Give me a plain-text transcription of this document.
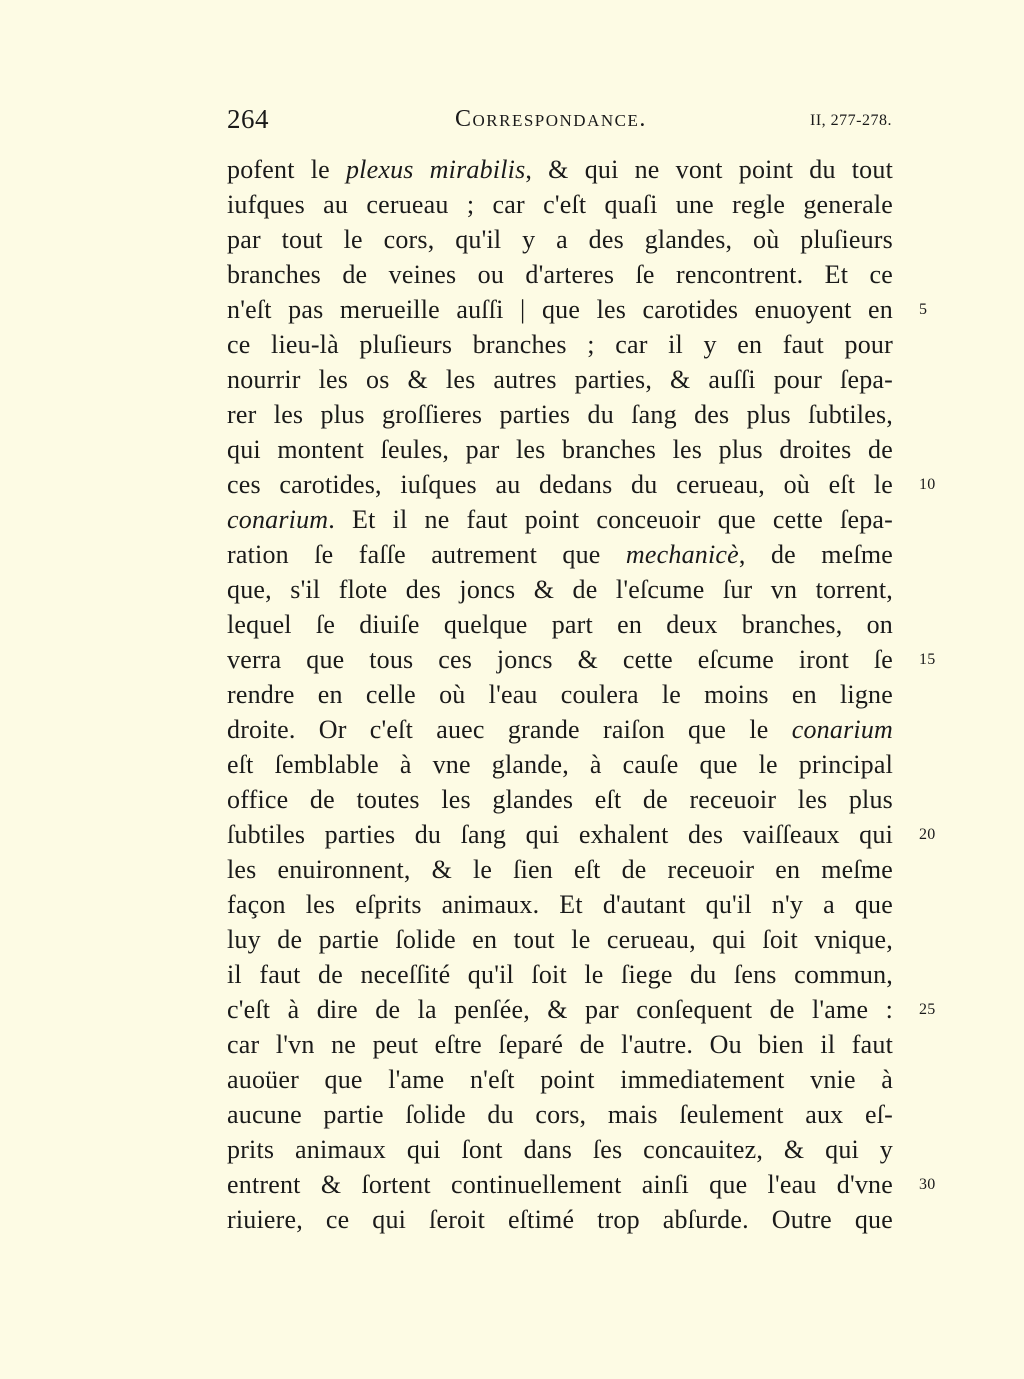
264	Correspondance.	II, 277-278.
pofent le plexus mirabilis, & qui ne vont point du tout
iufques au cerueau ; car c'eſt quaſi une regle generale
par tout le cors, qu'il y a des glandes, où pluſieurs
branches de veines ou d'arteres ſe rencontrent. Et ce
n'eſt pas merueille auſſi | que les carotides enuoyent en 5
ce lieu-là pluſieurs branches ; car il y en faut pour
nourrir les os & les autres parties, & auſſi pour ſepa-
rer les plus groſſieres parties du ſang des plus ſubtiles,
qui montent ſeules, par les branches les plus droites de
ces carotides, iuſques au dedans du cerueau, où eſt le 10
conarium. Et il ne faut point conceuoir que cette ſepa-
ration ſe faſſe autrement que mechanicè, de meſme
que, s'il flote des joncs & de l'eſcume ſur vn torrent,
lequel ſe diuiſe quelque part en deux branches, on
verra que tous ces joncs & cette eſcume iront ſe 15
rendre en celle où l'eau coulera le moins en ligne
droite. Or c'eſt auec grande raiſon que le conarium
eſt ſemblable à vne glande, à cauſe que le principal
office de toutes les glandes eſt de receuoir les plus
ſubtiles parties du ſang qui exhalent des vaiſſeaux qui 20
les enuironnent, & le ſien eſt de receuoir en meſme
façon les eſprits animaux. Et d'autant qu'il n'y a que
luy de partie ſolide en tout le cerueau, qui ſoit vnique,
il faut de neceſſité qu'il ſoit le ſiege du ſens commun,
c'eſt à dire de la penſée, & par conſequent de l'ame : 25
car l'vn ne peut eſtre ſeparé de l'autre. Ou bien il faut
auoüer que l'ame n'eſt point immediatement vnie à
aucune partie ſolide du cors, mais ſeulement aux eſ-
prits animaux qui ſont dans ſes concauitez, & qui y
entrent & ſortent continuellement ainſi que l'eau d'vne 30
riuiere, ce qui ſeroit eſtimé trop abſurde. Outre que
